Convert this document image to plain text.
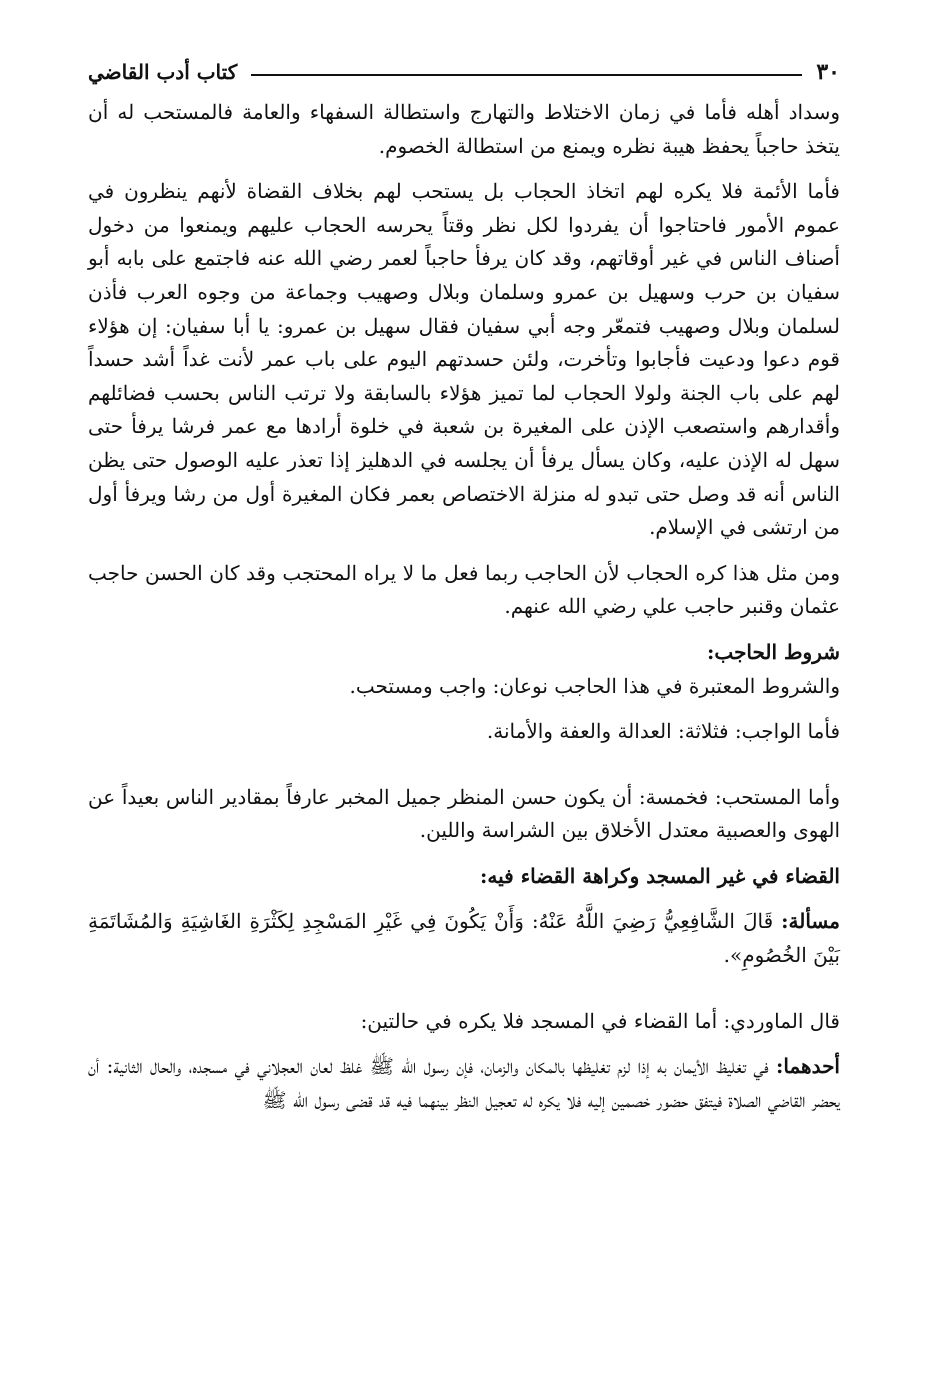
٣٠
كتاب أدب القاضي

وسداد أهله فأما في زمان الاختلاط والتهارج واستطالة السفهاء والعامة فالمستحب له أن يتخذ حاجباً يحفظ هيبة نظره ويمنع من استطالة الخصوم.

فأما الأئمة فلا يكره لهم اتخاذ الحجاب بل يستحب لهم بخلاف القضاة لأنهم ينظرون في عموم الأمور فاحتاجوا أن يفردوا لكل نظر وقتاً يحرسه الحجاب عليهم ويمنعوا من دخول أصناف الناس في غير أوقاتهم، وقد كان يرفأ حاجباً لعمر رضي الله عنه فاجتمع على بابه أبو سفيان بن حرب وسهيل بن عمرو وسلمان وبلال وصهيب وجماعة من وجوه العرب فأذن لسلمان وبلال وصهيب فتمعّر وجه أبي سفيان فقال سهيل بن عمرو: يا أبا سفيان: إن هؤلاء قوم دعوا ودعيت فأجابوا وتأخرت، ولئن حسدتهم اليوم على باب عمر لأنت غداً أشد حسداً لهم على باب الجنة ولولا الحجاب لما تميز هؤلاء بالسابقة ولا ترتب الناس بحسب فضائلهم وأقدارهم واستصعب الإذن على المغيرة بن شعبة في خلوة أرادها مع عمر فرشا يرفأ حتى سهل له الإذن عليه، وكان يسأل يرفأ أن يجلسه في الدهليز إذا تعذر عليه الوصول حتى يظن الناس أنه قد وصل حتى تبدو له منزلة الاختصاص بعمر فكان المغيرة أول من رشا ويرفأ أول من ارتشى في الإسلام.

ومن مثل هذا كره الحجاب لأن الحاجب ربما فعل ما لا يراه المحتجب وقد كان الحسن حاجب عثمان وقنبر حاجب علي رضي الله عنهم.

شروط الحاجب:

والشروط المعتبرة في هذا الحاجب نوعان: واجب ومستحب.

فأما الواجب: فثلاثة: العدالة والعفة والأمانة.

وأما المستحب: فخمسة: أن يكون حسن المنظر جميل المخبر عارفاً بمقادير الناس بعيداً عن الهوى والعصبية معتدل الأخلاق بين الشراسة واللين.

القضاء في غير المسجد وكراهة القضاء فيه:

مسألة: قَالَ الشَّافِعِيُّ رَضِيَ اللَّهُ عَنْهُ: وَأَنْ يَكُونَ فِي غَيْرِ المَسْجِدِ لِكَثْرَةِ الغَاشِيَةِ وَالمُشَاتَمَةِ بَيْنَ الخُصُومِ».

قال الماوردي: أما القضاء في المسجد فلا يكره في حالتين:

أحدهما: في تغليظ الأيمان به إذا لزم تغليظها بالمكان والزمان، فإن رسول الله ﷺ غلظ لعان العجلاني في مسجده، والحال الثانية: أن يحضر القاضي الصلاة فيتفق حضور خصمين إليه فلا يكره له تعجيل النظر بينهما فيه قد قضى رسول الله ﷺ
